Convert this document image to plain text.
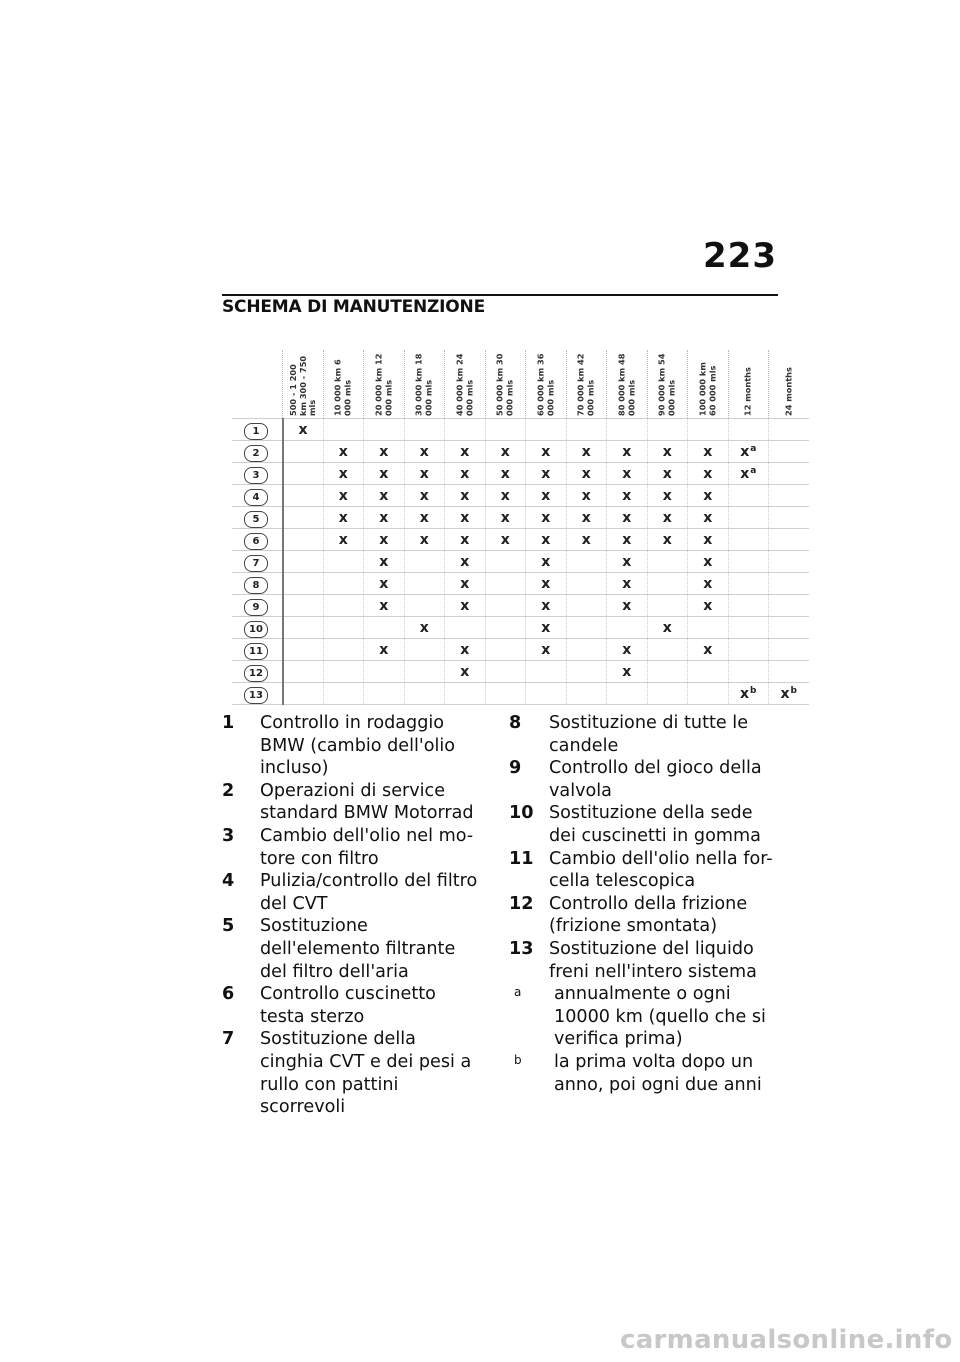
223
SCHEMA DI MANUTENZIONE

	500 - 1 200 km 300 - 750 mls	10 000 km 6 000 mls	20 000 km 12 000 mls	30 000 km 18 000 mls	40 000 km 24 000 mls	50 000 km 30 000 mls	60 000 km 36 000 mls	70 000 km 42 000 mls	80 000 km 48 000 mls	90 000 km 54 000 mls	100 000 km 60 000 mls	12 months	24 months

1	x												
2		x	x	x	x	x	x	x	x	x	x	$x^a$	
3		x	x	x	x	x	x	x	x	x	x	$x^a$	
4		x	x	x	x	x	x	x	x	x	x		
5		x	x	x	x	x	x	x	x	x	x		
6		x	x	x	x	x	x	x	x	x	x		
7			x		x		x		x		x		
8			x		x		x		x		x		
9			x		x		x		x		x		
10				x			x			x			
11			x		x		x		x		x		
12					x				x				
13												$x^b$	$x^b$
1	Controllo in rodaggio BMW (cambio dell'olio incluso)
2	Operazioni di service standard BMW Motorrad
3	Cambio dell'olio nel mo-tore con filtro
4	Pulizia/controllo del filtro del CVT
5	Sostituzione dell'elemento filtrante del filtro dell'aria
6	Controllo cuscinetto testa sterzo
7	Sostituzione della cinghia CVT e dei pesi a rullo con pattini scorrevoli
8	Sostituzione di tutte le candele
9	Controllo del gioco della valvola
10 Sostituzione della sede dei cuscinetti in gomma
11 Cambio dell'olio nella for-cella telescopica
12 Controllo della frizione (frizione smontata)
13 Sostituzione del liquido freni nell'intero sistema
a	annualmente o ogni 10000 km (quello che si verifica prima)
b	la prima volta dopo un anno, poi ogni due anni
carmanualsonline.info
